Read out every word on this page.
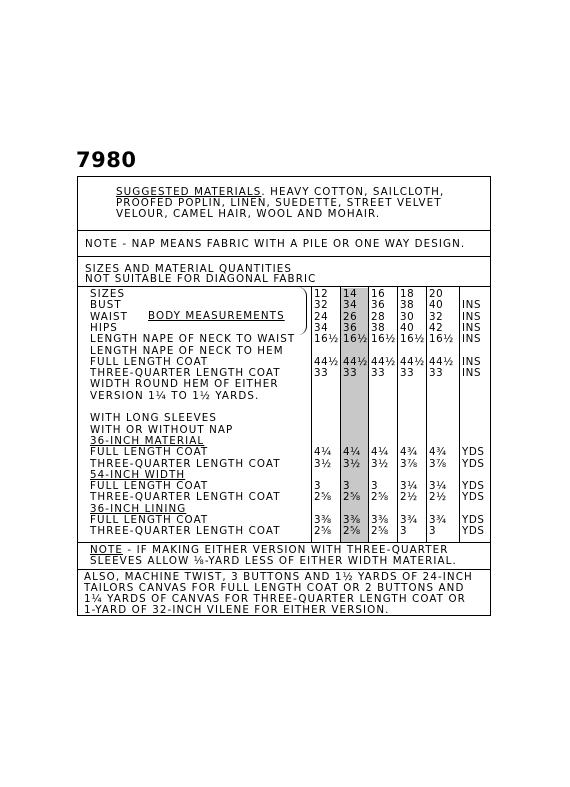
7980
SUGGESTED MATERIALS. HEAVY COTTON, SAILCLOTH,
PROOFED POPLIN, LINEN, SUEDETTE, STREET VELVET
VELOUR, CAMEL HAIR, WOOL AND MOHAIR.
NOTE - NAP MEANS FABRIC WITH A PILE OR ONE WAY DESIGN.
SIZES AND MATERIAL QUANTITIES
NOT SUITABLE FOR DIAGONAL FABRIC
BODY MEASUREMENTS
SIZES	12 14 16 18 20
BUST	32 34 36 38 40 INS
WAIST	24 26 28 30 32 INS
HIPS	34 36 38 40 42 INS
LENGTH NAPE OF NECK TO WAIST 16½ 16½ 16½ 16½ 16½ INS
LENGTH NAPE OF NECK TO HEM
FULL LENGTH COAT	44½ 44½ 44½ 44½ 44½ INS
THREE-QUARTER LENGTH COAT	33 33 33 33 33 INS
WIDTH ROUND HEM OF EITHER
VERSION 1¼ TO 1½ YARDS.
WITH LONG SLEEVES
WITH OR WITHOUT NAP
36-INCH MATERIAL
FULL LENGTH COAT	4¼ 4¼ 4¼ 4¾ 4¾ YDS
THREE-QUARTER LENGTH COAT	3½ 3½ 3½ 3⅞ 3⅞ YDS
54-INCH WIDTH
FULL LENGTH COAT	3 3 3 3¼ 3¼ YDS
THREE-QUARTER LENGTH COAT	2⅝ 2⅝ 2⅝ 2½ 2½ YDS
36-INCH LINING
FULL LENGTH COAT	3⅜ 3⅜ 3⅜ 3¾ 3¾ YDS
THREE-QUARTER LENGTH COAT	2⅝ 2⅝ 2⅝ 3 3	YDS
NOTE - IF MAKING EITHER VERSION WITH THREE-QUARTER
SLEEVES ALLOW ⅛-YARD LESS OF EITHER WIDTH MATERIAL.
ALSO, MACHINE TWIST, 3 BUTTONS AND 1½ YARDS OF 24-INCH
TAILORS CANVAS FOR FULL LENGTH COAT OR 2 BUTTONS AND
1¼ YARDS OF CANVAS FOR THREE-QUARTER LENGTH COAT OR
1-YARD OF 32-INCH VILENE FOR EITHER VERSION.
